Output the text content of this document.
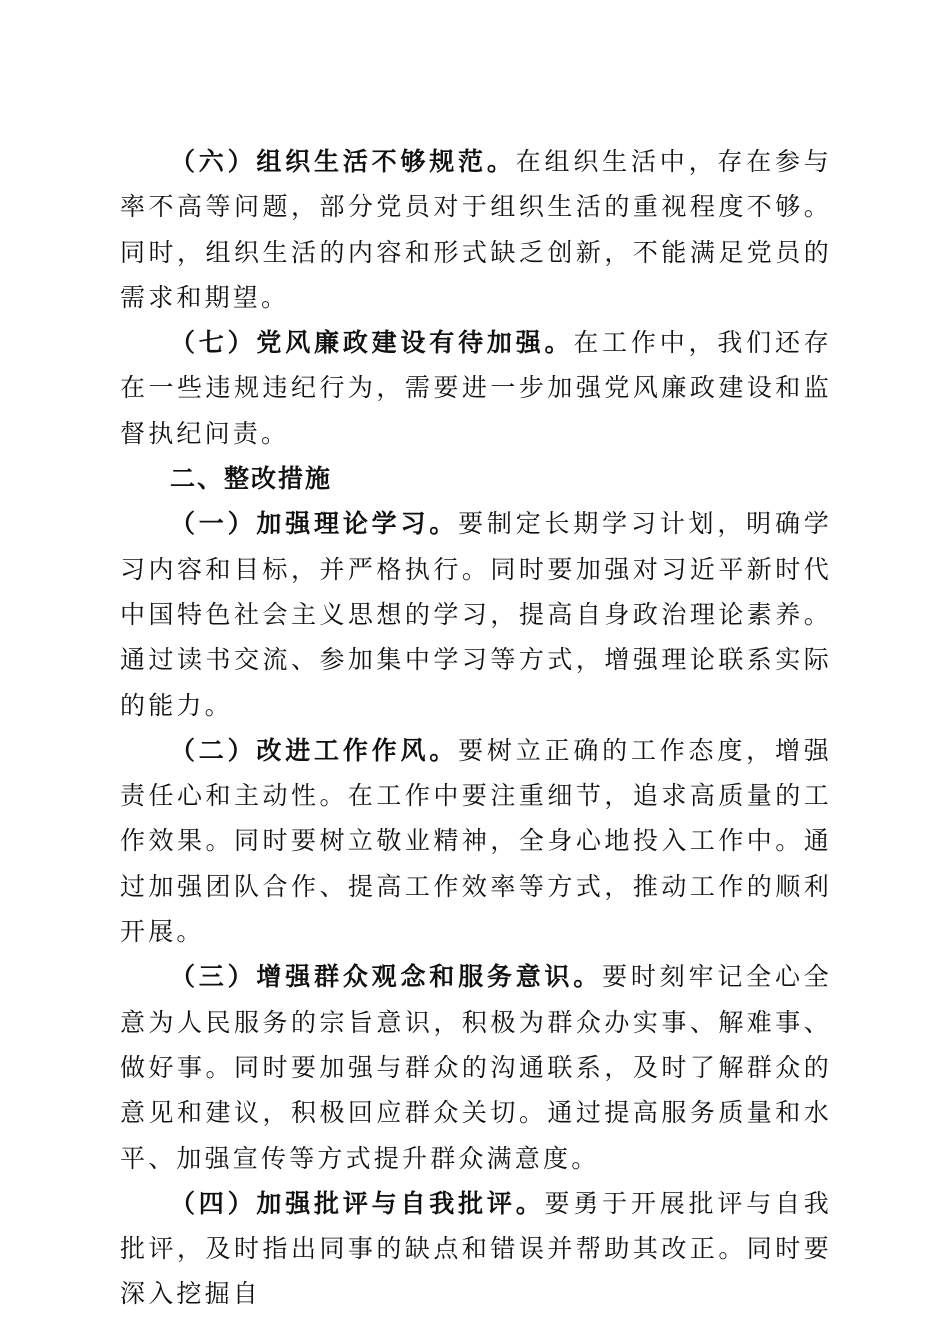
（六）组织生活不够规范。在组织生活中，存在参与率不高等问题，部分党员对于组织生活的重视程度不够。同时，组织生活的内容和形式缺乏创新，不能满足党员的需求和期望。

（七）党风廉政建设有待加强。在工作中，我们还存在一些违规违纪行为，需要进一步加强党风廉政建设和监督执纪问责。

二、整改措施

（一）加强理论学习。要制定长期学习计划，明确学习内容和目标，并严格执行。同时要加强对习近平新时代中国特色社会主义思想的学习，提高自身政治理论素养。通过读书交流、参加集中学习等方式，增强理论联系实际的能力。

（二）改进工作作风。要树立正确的工作态度，增强责任心和主动性。在工作中要注重细节，追求高质量的工作效果。同时要树立敬业精神，全身心地投入工作中。通过加强团队合作、提高工作效率等方式，推动工作的顺利开展。

（三）增强群众观念和服务意识。要时刻牢记全心全意为人民服务的宗旨意识，积极为群众办实事、解难事、做好事。同时要加强与群众的沟通联系，及时了解群众的意见和建议，积极回应群众关切。通过提高服务质量和水平、加强宣传等方式提升群众满意度。

（四）加强批评与自我批评。要勇于开展批评与自我批评，及时指出同事的缺点和错误并帮助其改正。同时要深入挖掘自
